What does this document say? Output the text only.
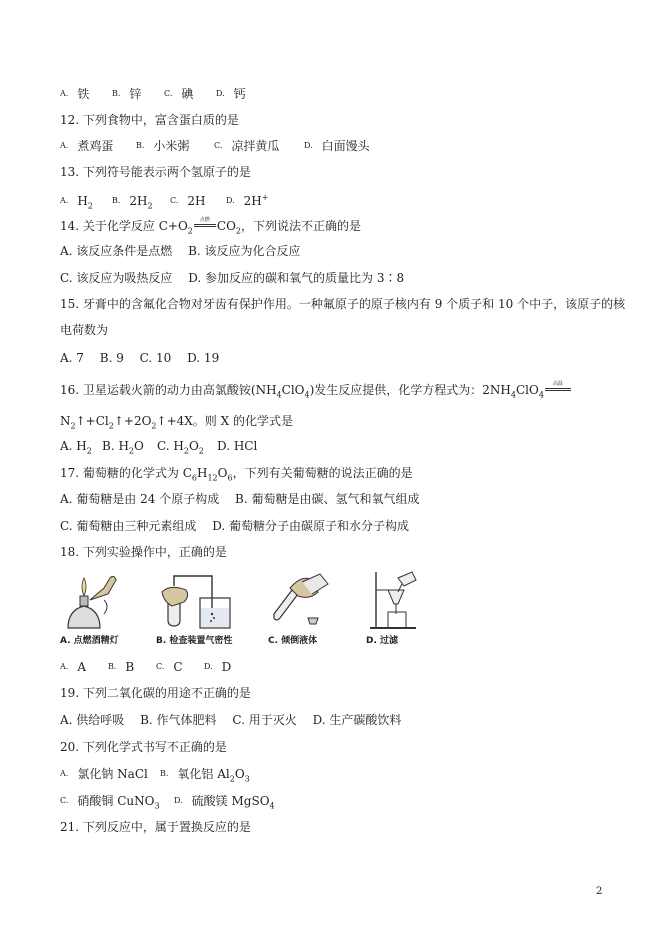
A. 铁	B. 锌	C. 碘	D. 钙
12. 下列食物中，富含蛋白质的是
A. 煮鸡蛋	B. 小米粥	C. 凉拌黄瓜	D. 白面馒头
13. 下列符号能表示两个氢原子的是
A. $H_2B$. $2H_2C$. 2H	D. 2H+
14. 关于化学反应 $C+O_2$
点燃 $CO_2$，下列说法不正确的是
A. 该反应条件是点燃　 B. 该反应为化合反应
C. 该反应为吸热反应　 D. 参加反应的碳和氧气的质量比为 3∶8
15. 牙膏中的含氟化合物对牙齿有保护作用。一种氟原子的原子核内有 9 个质子和 10 个中子，该原子的核
电荷数为
A. 7　 B. 9　 C. 10　 D. 19
16. 卫星运载火箭的动力由高氯酸铵$(NH_4ClO_4)$发生反应提供，化学方程式为：$2NH_4ClO_4$
高温
$N_2↑+Cl_2↑+2O_2↑+4X$。则 X 的化学式是
A. $H_2$ B. $H_2O$ C. $H_2O_2$ D. HCl
17. 葡萄糖的化学式为 $C_6H_{12}O_6$，下列有关葡萄糖的说法正确的是
A. 葡萄糖是由 24 个原子构成　 B. 葡萄糖是由碳、氢气和氧气组成
C. 葡萄糖由三种元素组成　 D. 葡萄糖分子由碳原子和水分子构成
18. 下列实验操作中，正确的是
A. 点燃酒精灯	B. 检查装置气密性	C. 倾倒液体	D. 过滤
A. A	B. B	C. C	D. D
19. 下列二氧化碳的用途不正确的是
A. 供给呼吸　 B. 作气体肥料　 C. 用于灭火　 D. 生产碳酸饮料
20. 下列化学式书写不正确的是
A. 氯化钠 NaCl B. 氧化铝 $Al_2O_3$
C. 硝酸铜 CuNO$_3$D. 硫酸镁 MgSO$_4$
21. 下列反应中，属于置换反应的是
2
